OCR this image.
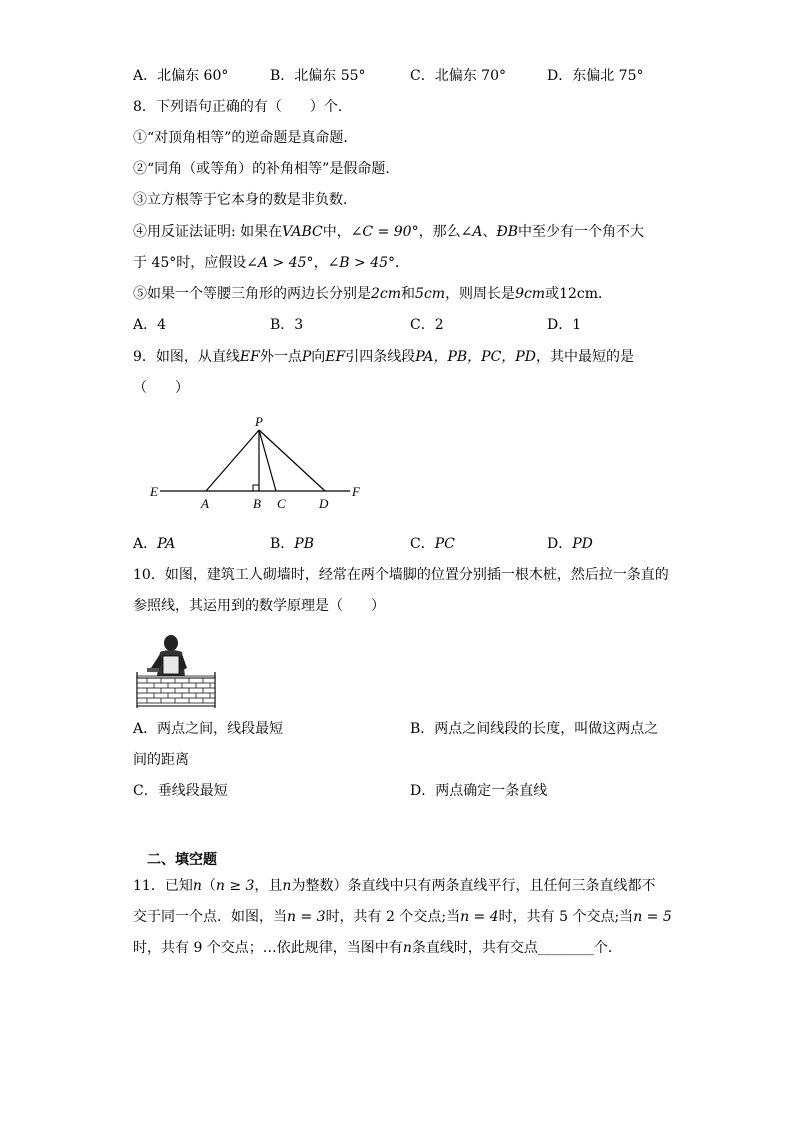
A．北偏东 60°	B．北偏东 55°	C．北偏东 70°	D．东偏北 75°
8．下列语句正确的有（　　）个．
①“对顶角相等”的逆命题是真命题．
②“同角（或等角）的补角相等”是假命题．
③立方根等于它本身的数是非负数．
④用反证法证明: 如果在VABC中，∠C = 90°，那么∠A、ÐB中至少有一个角不大
于 45°时，应假设∠A > 45°，∠B > 45°．
⑤如果一个等腰三角形的两边长分别是2cm和5cm，则周长是9cm或12cm．
A．4	B．3	C．2	D．1
9．如图，从直线EF外一点P向EF引四条线段PA，PB，PC，PD，其中最短的是
（　　）
P
E
A	B C	D
F
A．PA	B．PB	C．PC	D．PD
10．如图，建筑工人砌墙时，经常在两个墙脚的位置分别插一根木桩，然后拉一条直的
参照线，其运用到的数学原理是（　　）
A．两点之间，线段最短	B．两点之间线段的长度，叫做这两点之
间的距离
C．垂线段最短	D．两点确定一条直线
二、填空题
11．已知n（n ≥ 3，且n为整数）条直线中只有两条直线平行，且任何三条直线都不
交于同一个点．如图，当n = 3时，共有 2 个交点;当n = 4时，共有 5 个交点;当n = 5
时，共有 9 个交点；…依此规律，当图中有n条直线时，共有交点________个．
